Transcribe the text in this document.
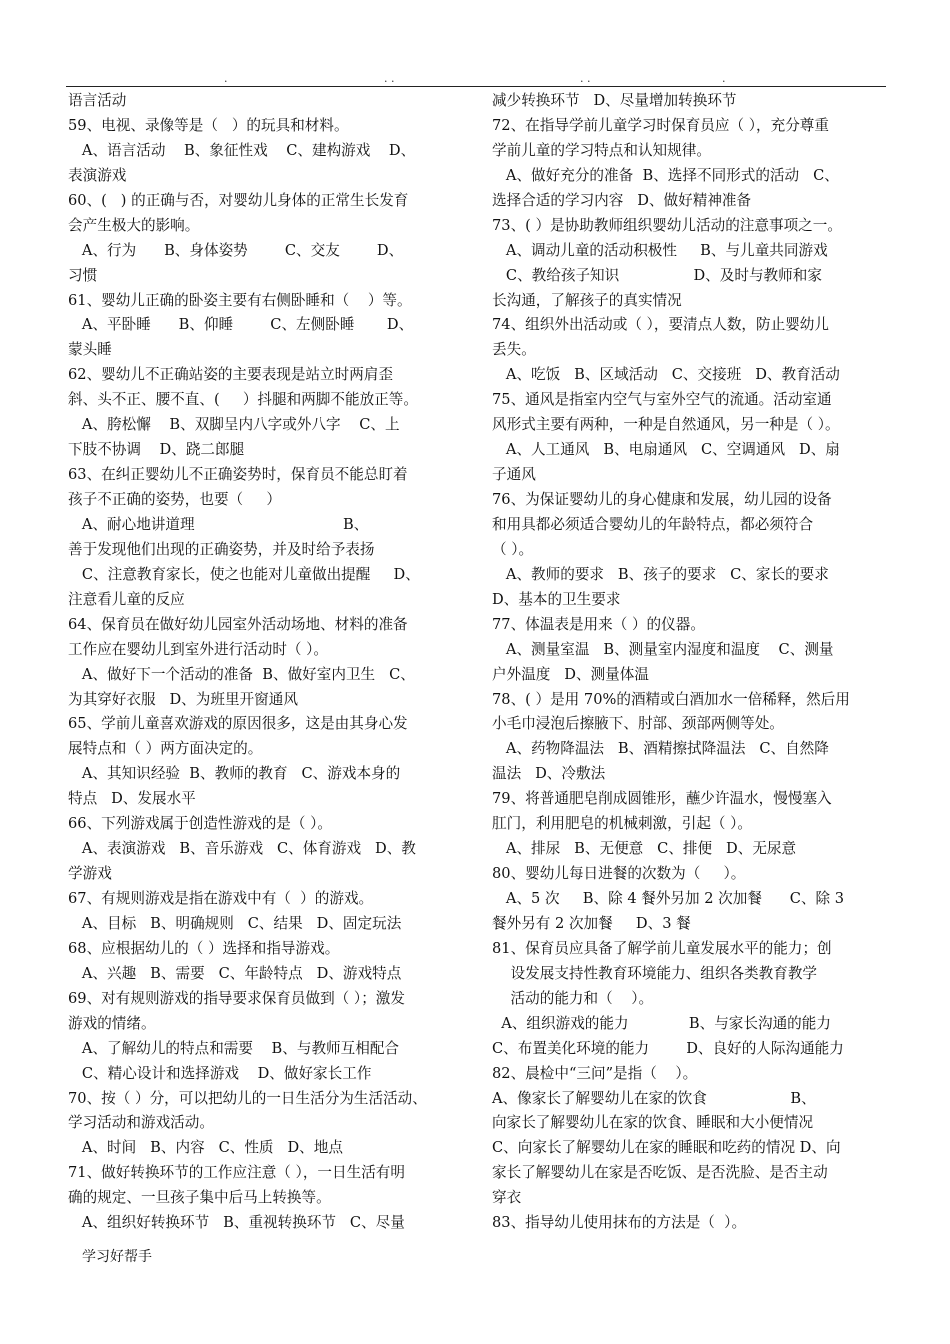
.	. .	. .	.
语言活动
59、电视、录像等是（   ）的玩具和材料。
A、语言活动    B、象征性戏    C、建构游戏    D、
表演游戏
60、(   ) 的正确与否，对婴幼儿身体的正常生长发育
会产生极大的影响。
A、行为      B、身体姿势        C、交友        D、
习惯
61、婴幼儿正确的卧姿主要有右侧卧睡和（    ）等。
A、平卧睡      B、仰睡        C、左侧卧睡       D、
蒙头睡
62、婴幼儿不正确站姿的主要表现是站立时两肩歪
斜、头不正、腰不直、(     ）抖腿和两脚不能放正等。
A、胯松懈    B、双脚呈内八字或外八字    C、上
下肢不协调    D、跷二郎腿
63、在纠正婴幼儿不正确姿势时，保育员不能总盯着
孩子不正确的姿势，也要（     ）
A、耐心地讲道理                                B、
善于发现他们出现的正确姿势，并及时给予表扬
C、注意教育家长，使之也能对儿童做出提醒     D、
注意看儿童的反应
64、保育员在做好幼儿园室外活动场地、材料的准备
工作应在婴幼儿到室外进行活动时（ ）。
A、做好下一个活动的准备  B、做好室内卫生   C、
为其穿好衣服   D、为班里开窗通风
65、学前儿童喜欢游戏的原因很多，这是由其身心发
展特点和（ ）两方面决定的。
A、其知识经验  B、教师的教育   C、游戏本身的
特点   D、发展水平
66、下列游戏属于创造性游戏的是（ ）。
A、表演游戏   B、音乐游戏   C、体育游戏   D、教
学游戏
67、有规则游戏是指在游戏中有（  ）的游戏。
A、目标   B、明确规则   C、结果   D、固定玩法
68、应根据幼儿的（ ）选择和指导游戏。
A、兴趣   B、需要   C、年龄特点   D、游戏特点
69、对有规则游戏的指导要求保育员做到（ ）；激发
游戏的情绪。
A、了解幼儿的特点和需要    B、与教师互相配合
C、精心设计和选择游戏    D、做好家长工作
70、按（ ）分，可以把幼儿的一日生活分为生活活动、
学习活动和游戏活动。
A、时间   B、内容   C、性质   D、地点
71、做好转换环节的工作应注意（ ），一日生活有明
确的规定、一旦孩子集中后马上转换等。
A、组织好转换环节   B、重视转换环节   C、尽量
减少转换环节   D、尽量增加转换环节
72、在指导学前儿童学习时保育员应（ ），充分尊重
学前儿童的学习特点和认知规律。
A、做好充分的准备  B、选择不同形式的活动   C、
选择合适的学习内容   D、做好精神准备
73、( ）是协助教师组织婴幼儿活动的注意事项之一。
A、调动儿童的活动积极性     B、与儿童共同游戏
C、教给孩子知识                D、及时与教师和家
长沟通，了解孩子的真实情况
74、组织外出活动或（ ），要清点人数，防止婴幼儿
丢失。
A、吃饭   B、区域活动   C、交接班   D、教育活动
75、通风是指室内空气与室外空气的流通。活动室通
风形式主要有两种，一种是自然通风，另一种是（ ）。
A、人工通风   B、电扇通风   C、空调通风   D、扇
子通风
76、为保证婴幼儿的身心健康和发展，幼儿园的设备
和用具都必须适合婴幼儿的年龄特点，都必须符合
（ ）。
A、教师的要求   B、孩子的要求   C、家长的要求
D、基本的卫生要求
77、体温表是用来（ ）的仪器。
A、测量室温   B、测量室内湿度和温度    C、测量
户外温度   D、测量体温
78、( ）是用 70%的酒精或白酒加水一倍稀释，然后用
小毛巾浸泡后擦腋下、肘部、颈部两侧等处。
A、药物降温法   B、酒精擦拭降温法   C、自然降
温法   D、冷敷法
79、将普通肥皂削成圆锥形，蘸少许温水，慢慢塞入
肛门，利用肥皂的机械刺激，引起（ ）。
A、排尿   B、无便意   C、排便   D、无尿意
80、婴幼儿每日进餐的次数为（     ）。
A、5 次     B、除 4 餐外另加 2 次加餐      C、除 3
餐外另有 2 次加餐     D、3 餐
81、保育员应具备了解学前儿童发展水平的能力；创
设发展支持性教育环境能力、组织各类教育教学
活动的能力和（    ）。
A、组织游戏的能力             B、与家长沟通的能力
C、布置美化环境的能力        D、良好的人际沟通能力
82、晨检中“三问”是指（    ）。
A、像家长了解婴幼儿在家的饮食                  B、
向家长了解婴幼儿在家的饮食、睡眠和大小便情况
C、向家长了解婴幼儿在家的睡眠和吃药的情况 D、向
家长了解婴幼儿在家是否吃饭、是否洗脸、是否主动
穿衣
83、指导幼儿使用抹布的方法是（  ）。
学习好帮手
